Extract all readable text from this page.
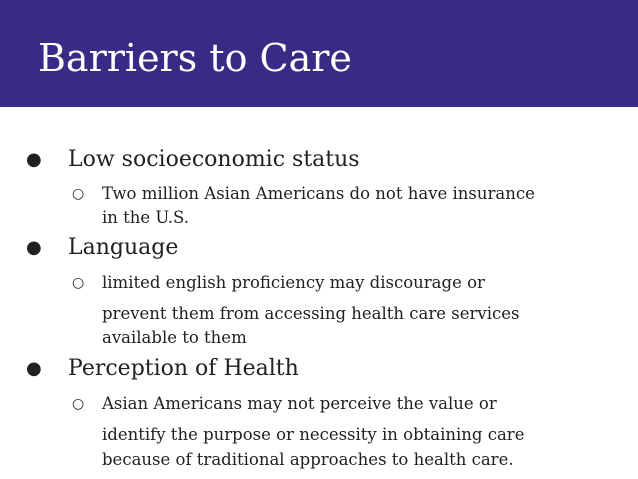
Barriers to Care
● Low socioeconomic status
○ Two million Asian Americans do not have insurance
in the U.S.
● Language
○ limited english proficiency may discourage or
prevent them from accessing health care services
available to them
● Perception of Health
○ Asian Americans may not perceive the value or
identify the purpose or necessity in obtaining care
because of traditional approaches to health care.
